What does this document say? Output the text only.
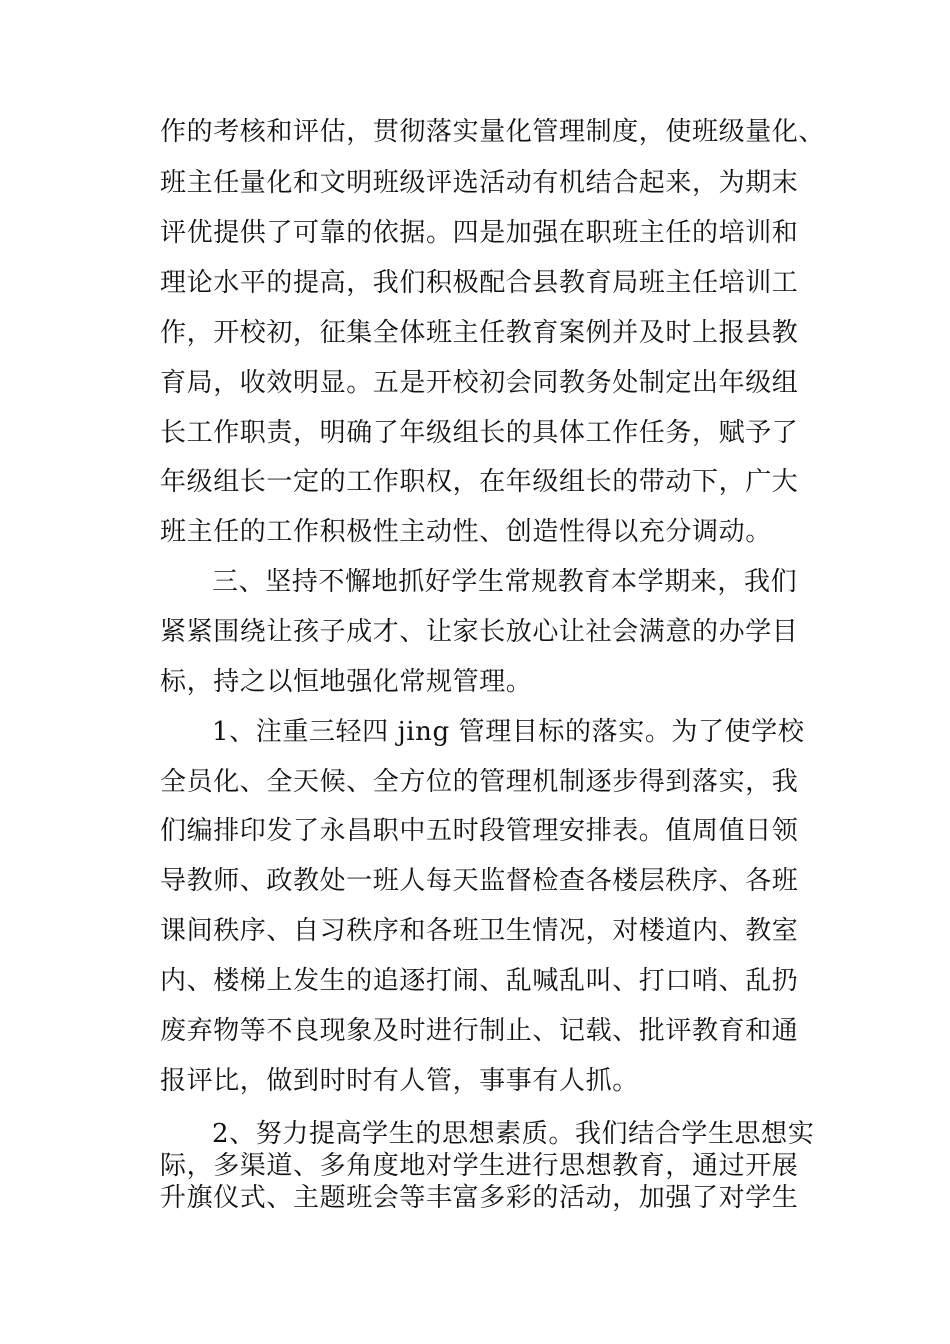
作的考核和评估，贯彻落实量化管理制度，使班级量化、
班主任量化和文明班级评选活动有机结合起来，为期末
评优提供了可靠的依据。四是加强在职班主任的培训和
理论水平的提高，我们积极配合县教育局班主任培训工
作，开校初，征集全体班主任教育案例并及时上报县教
育局，收效明显。五是开校初会同教务处制定出年级组
长工作职责，明确了年级组长的具体工作任务，赋予了
年级组长一定的工作职权，在年级组长的带动下，广大
班主任的工作积极性主动性、创造性得以充分调动。
三、坚持不懈地抓好学生常规教育本学期来，我们
紧紧围绕让孩子成才、让家长放心让社会满意的办学目
标，持之以恒地强化常规管理。
1、注重三轻四 jing 管理目标的落实。为了使学校
全员化、全天候、全方位的管理机制逐步得到落实，我
们编排印发了永昌职中五时段管理安排表。值周值日领
导教师、政教处一班人每天监督检查各楼层秩序、各班
课间秩序、自习秩序和各班卫生情况，对楼道内、教室
内、楼梯上发生的追逐打闹、乱喊乱叫、打口哨、乱扔
废弃物等不良现象及时进行制止、记载、批评教育和通
报评比，做到时时有人管，事事有人抓。
2、努力提高学生的思想素质。我们结合学生思想实
际，多渠道、多角度地对学生进行思想教育，通过开展
升旗仪式、主题班会等丰富多彩的活动，加强了对学生
